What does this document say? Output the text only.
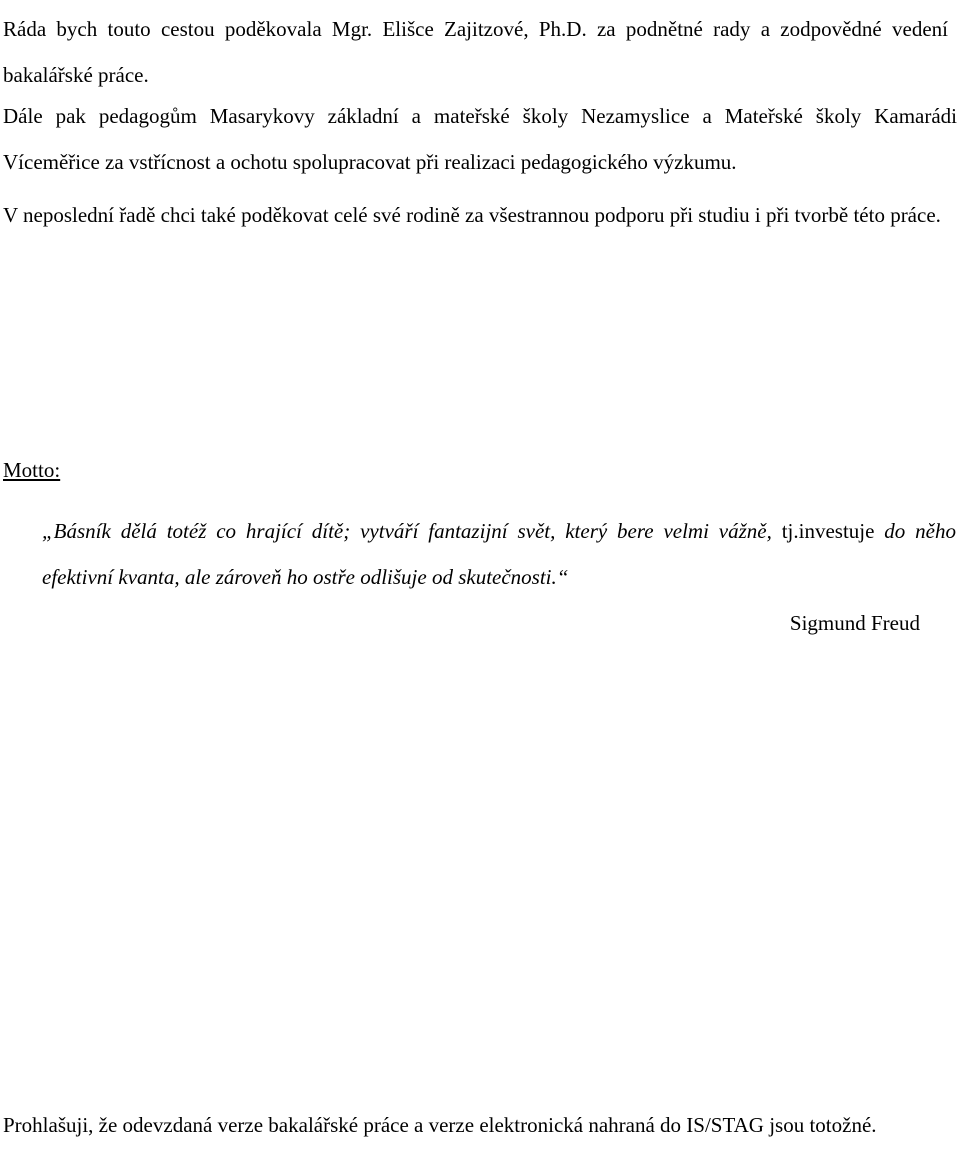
Ráda bych touto cestou poděkovala Mgr. Elišce Zajitzové, Ph.D. za podnětné rady a zodpovědné vedení bakalářské práce.

Dále pak pedagogům Masarykovy základní a mateřské školy Nezamyslice a Mateřské školy Kamarádi Víceměřice za vstřícnost a ochotu spolupracovat při realizaci pedagogického výzkumu.

V neposlední řadě chci také poděkovat celé své rodině za všestrannou podporu při studiu i při tvorbě této práce.

Motto:

„Básník dělá totéž co hrající dítě; vytváří fantazijní svět, který bere velmi vážně, tj.investuje do něho efektivní kvanta, ale zároveň ho ostře odlišuje od skutečnosti.“

Sigmund Freud

Prohlašuji, že odevzdaná verze bakalářské práce a verze elektronická nahraná do IS/STAG jsou totožné.
